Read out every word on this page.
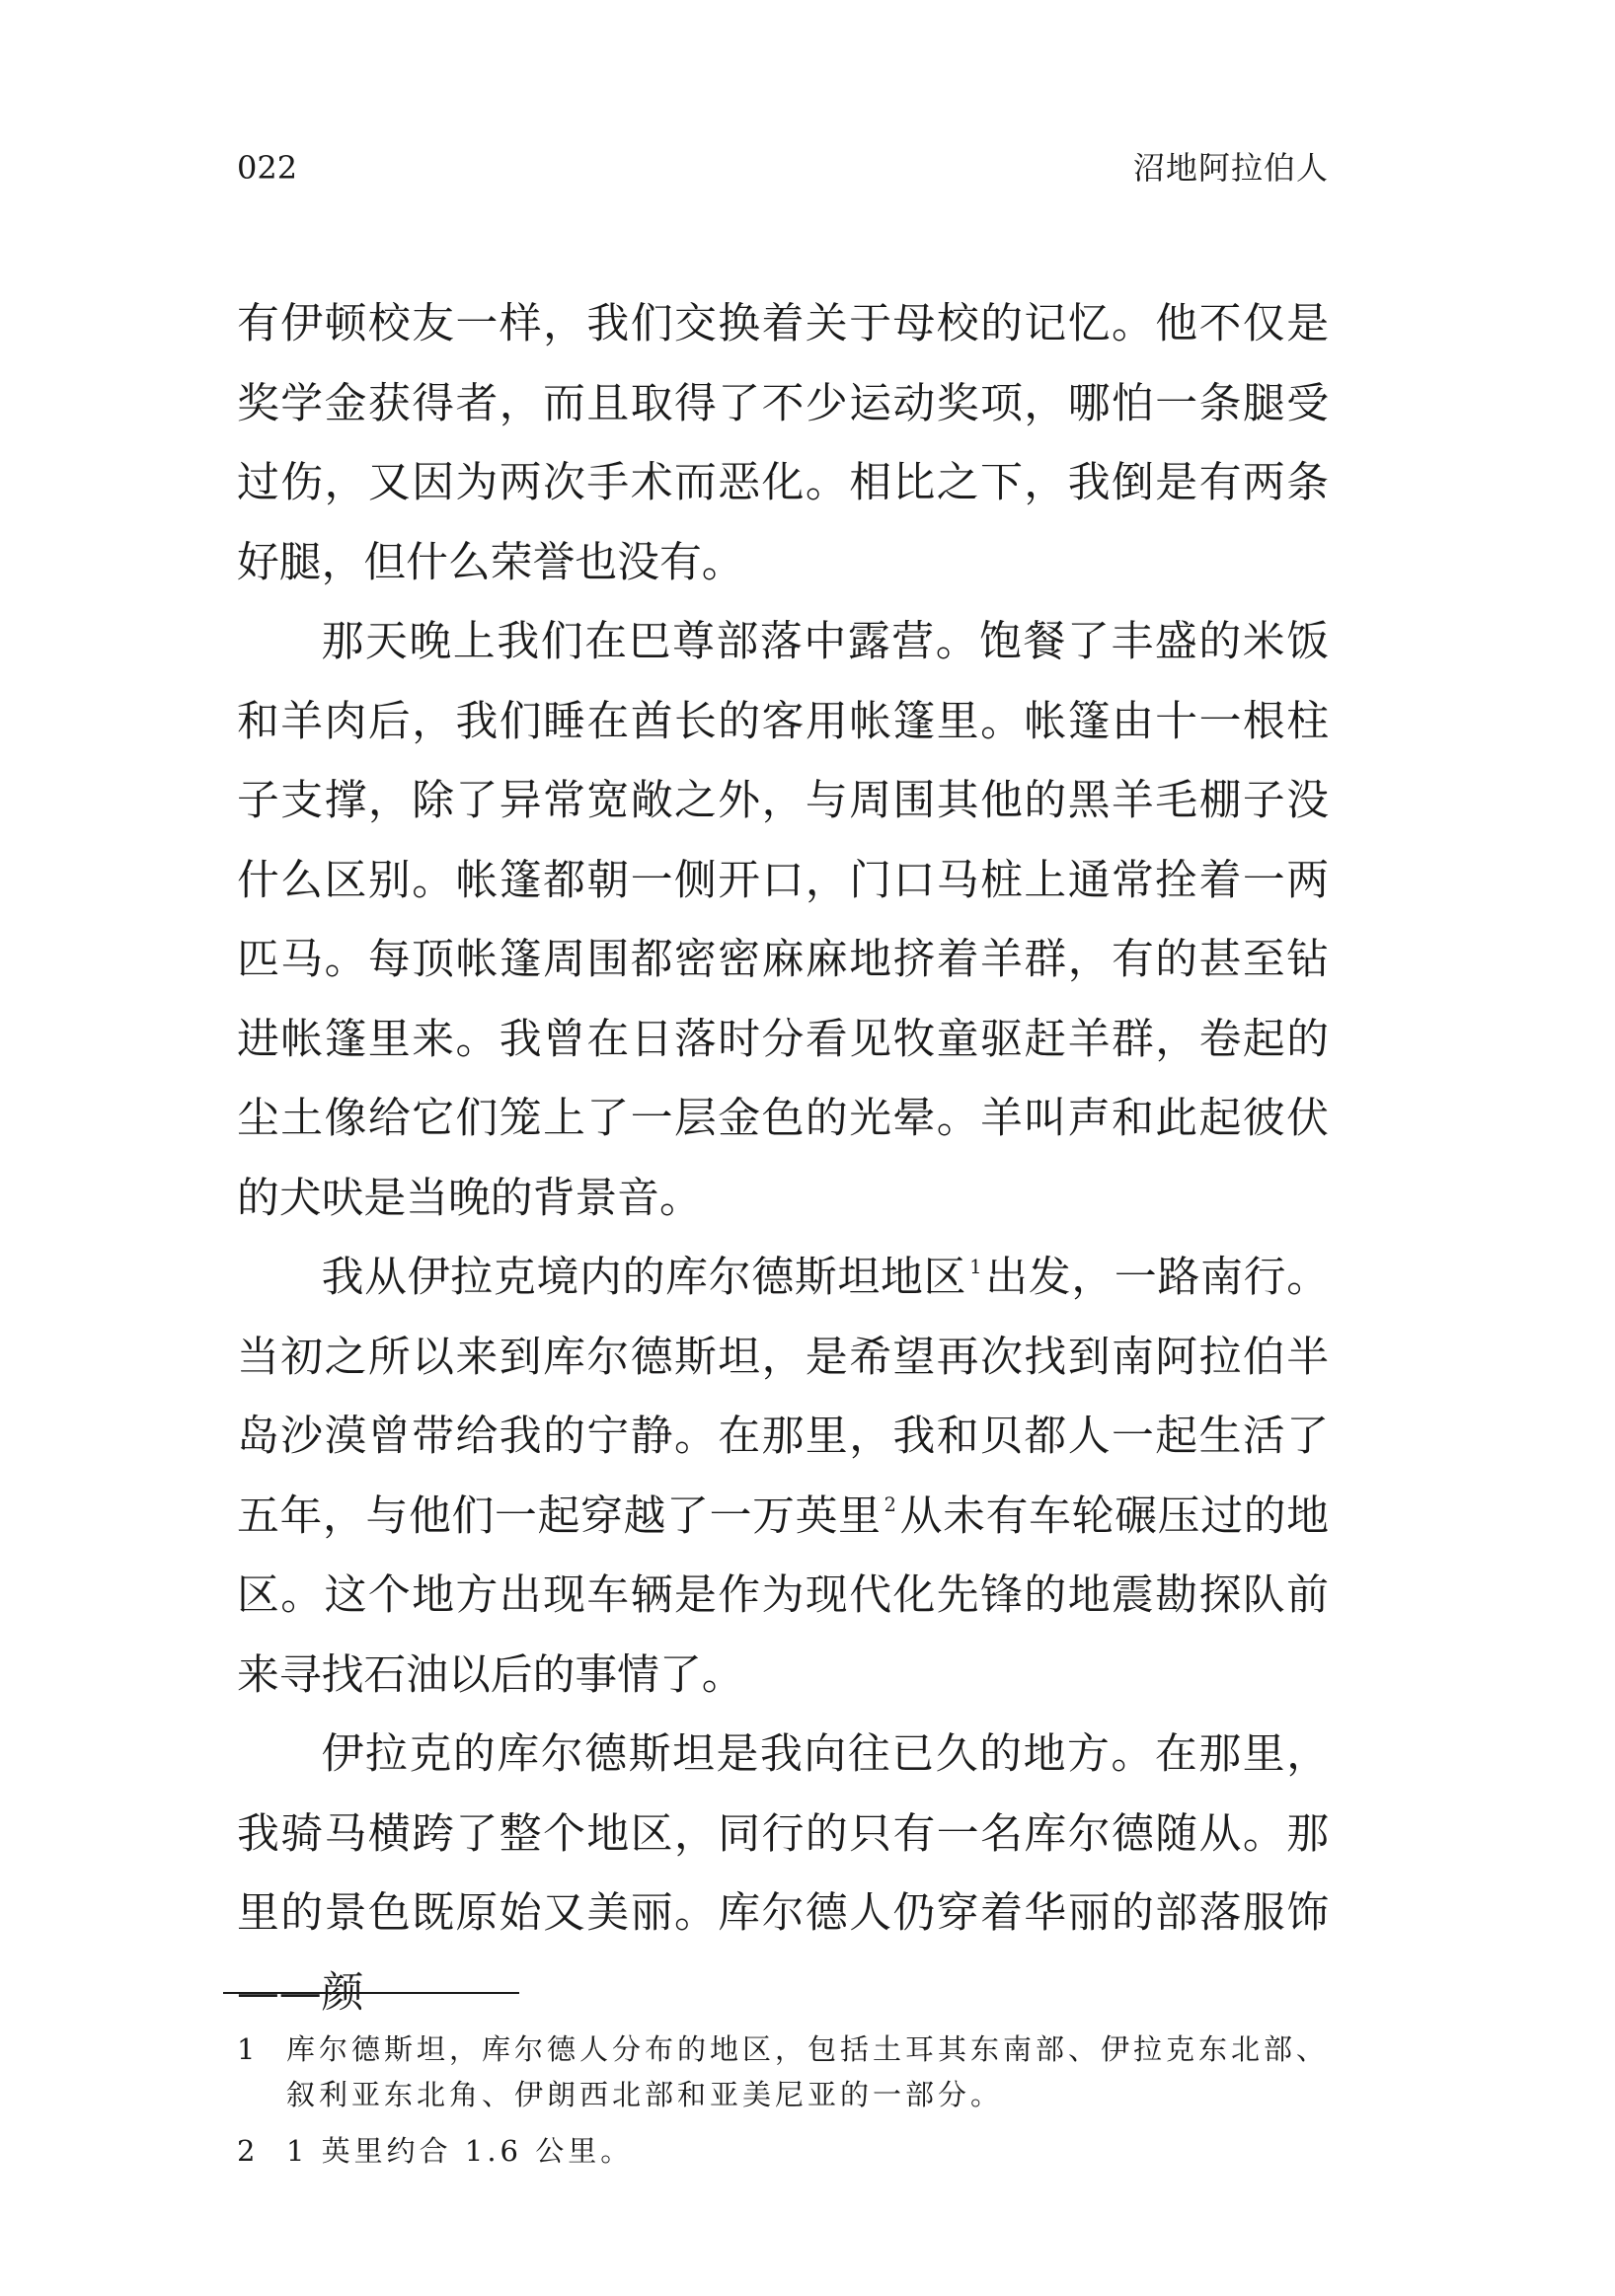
022	沼地阿拉伯人

有伊顿校友一样，我们交换着关于母校的记忆。他不仅是奖学金获得者，而且取得了不少运动奖项，哪怕一条腿受过伤，又因为两次手术而恶化。相比之下，我倒是有两条好腿，但什么荣誉也没有。

那天晚上我们在巴尊部落中露营。饱餐了丰盛的米饭和羊肉后，我们睡在酋长的客用帐篷里。帐篷由十一根柱子支撑，除了异常宽敞之外，与周围其他的黑羊毛棚子没什么区别。帐篷都朝一侧开口，门口马桩上通常拴着一两匹马。每顶帐篷周围都密密麻麻地挤着羊群，有的甚至钻进帐篷里来。我曾在日落时分看见牧童驱赶羊群，卷起的尘土像给它们笼上了一层金色的光晕。羊叫声和此起彼伏的犬吠是当晚的背景音。

我从伊拉克境内的库尔德斯坦地区 $^1$出发，一路南行。当初之所以来到库尔德斯坦，是希望再次找到南阿拉伯半岛沙漠曾带给我的宁静。在那里，我和贝都人一起生活了五年，与他们一起穿越了一万英里 $^2$从未有车轮碾压过的地区。这个地方出现车辆是作为现代化先锋的地震勘探队前来寻找石油以后的事情了。

伊拉克的库尔德斯坦是我向往已久的地方。在那里，我骑马横跨了整个地区，同行的只有一名库尔德随从。那里的景色既原始又美丽。库尔德人仍穿着华丽的部落服饰——颜

1 库尔德斯坦，库尔德人分布的地区，包括土耳其东南部、伊拉克东北部、叙利亚东北角、伊朗西北部和亚美尼亚的一部分。

2 1 英里约合 1.6 公里。
